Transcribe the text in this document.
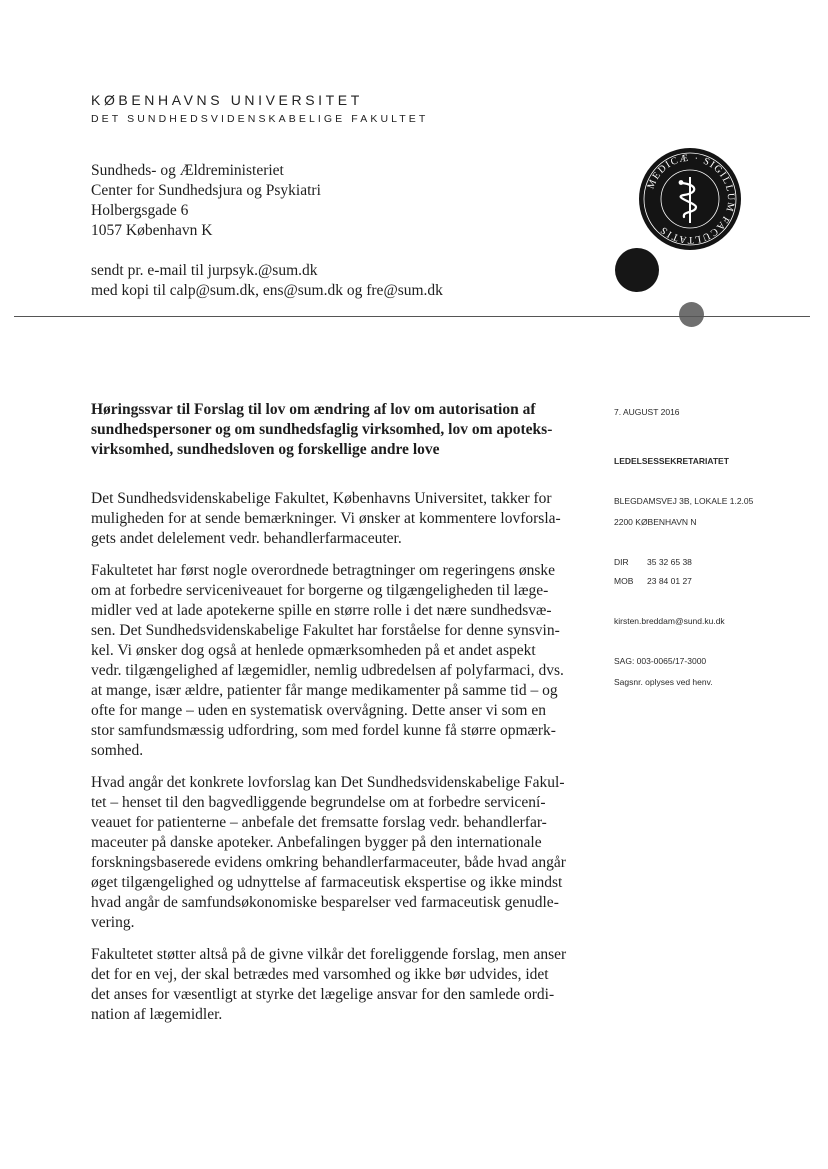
KØBENHAVNS UNIVERSITET
DET SUNDHEDSVIDENSKABELIGE FAKULTET
Sundheds- og Ældreministeriet
Center for Sundhedsjura og Psykiatri
Holbergsgade 6
1057 København K
sendt pr. e-mail til jurpsyk.@sum.dk
med kopi til calp@sum.dk, ens@sum.dk og fre@sum.dk
MEDICÆ · SIGILLUM FACULTATIS
Høringssvar til Forslag til lov om ændring af lov om autorisation af
sundhedspersoner og om sundhedsfaglig virksomhed, lov om apoteks-
virksomhed, sundhedsloven og forskellige andre love
Det Sundhedsvidenskabelige Fakultet, Københavns Universitet, takker for
muligheden for at sende bemærkninger. Vi ønsker at kommentere lovforsla-
gets andet delelement vedr. behandlerfarmaceuter.
Fakultetet har først nogle overordnede betragtninger om regeringens ønske
om at forbedre serviceniveauet for borgerne og tilgængeligheden til læge-
midler ved at lade apotekerne spille en større rolle i det nære sundhedsvæ-
sen. Det Sundhedsvidenskabelige Fakultet har forståelse for denne synsvin-
kel. Vi ønsker dog også at henlede opmærksomheden på et andet aspekt
vedr. tilgængelighed af lægemidler, nemlig udbredelsen af polyfarmaci, dvs.
at mange, især ældre, patienter får mange medikamenter på samme tid – og
ofte for mange – uden en systematisk overvågning. Dette anser vi som en
stor samfundsmæssig udfordring, som med fordel kunne få større opmærk-
somhed.
Hvad angår det konkrete lovforslag kan Det Sundhedsvidenskabelige Fakul-
tet – henset til den bagvedliggende begrundelse om at forbedre servicení-
veauet for patienterne – anbefale det fremsatte forslag vedr. behandlerfar-
maceuter på danske apoteker. Anbefalingen bygger på den internationale
forskningsbaserede evidens omkring behandlerfarmaceuter, både hvad angår
øget tilgængelighed og udnyttelse af farmaceutisk ekspertise og ikke mindst
hvad angår de samfundsøkonomiske besparelser ved farmaceutisk genudle-
vering.
Fakultetet støtter altså på de givne vilkår det foreliggende forslag, men anser
det for en vej, der skal betrædes med varsomhed og ikke bør udvides, idet
det anses for væsentligt at styrke det lægelige ansvar for den samlede ordi-
nation af lægemidler.
7. AUGUST 2016
LEDELSESSEKRETARIATET
BLEGDAMSVEJ 3B, LOKALE 1.2.05
2200 KØBENHAVN N
DIR 35 32 65 38
MOB 23 84 01 27
kirsten.breddam@sund.ku.dk
SAG: 003-0065/17-3000
Sagsnr. oplyses ved henv.
